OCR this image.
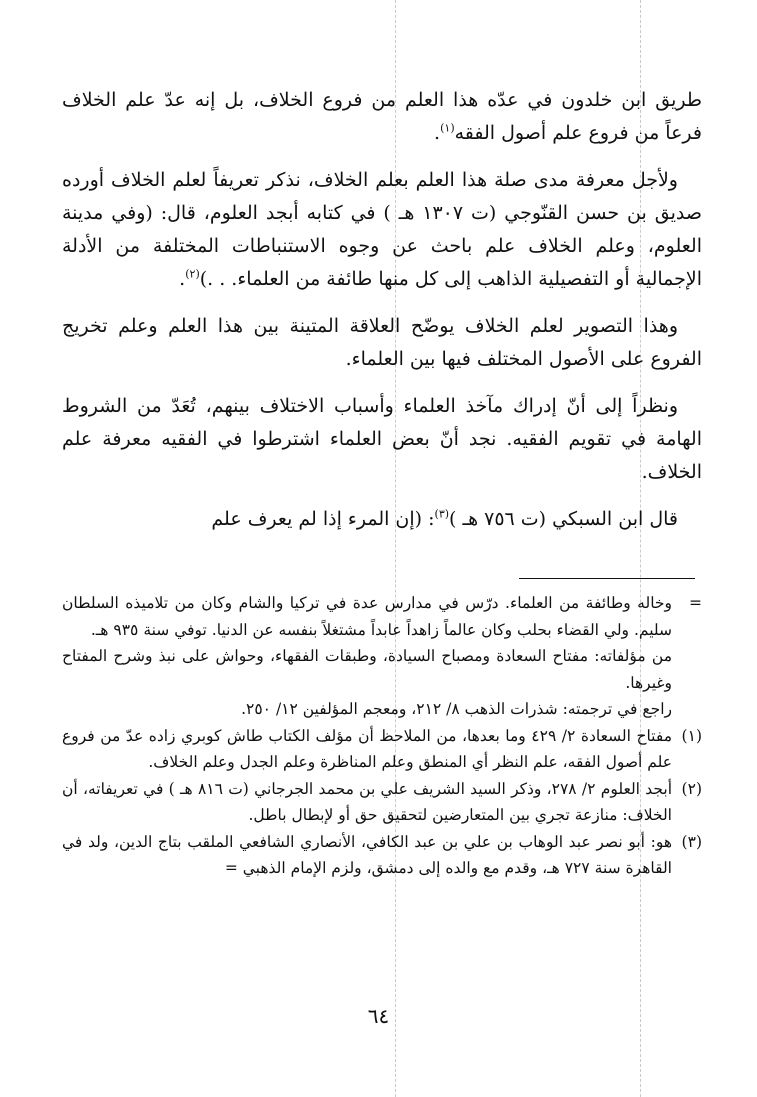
طريق ابن خلدون في عدّه هذا العلم من فروع الخلاف، بل إنه عدّ علم الخلاف فرعاً من فروع علم أصول الفقه$^{(١)}$.

ولأجل معرفة مدى صلة هذا العلم بعلم الخلاف، نذكر تعريفاً لعلم الخلاف أورده صديق بن حسن القنّوجي (ت ١٣٠٧ هـ ) في كتابه أبجد العلوم، قال: (وفي مدينة العلوم، وعلم الخلاف علم باحث عن وجوه الاستنباطات المختلفة من الأدلة الإجمالية أو التفصيلية الذاهب إلى كل منها طائفة من العلماء. . .)$^{(٢)}$.

وهذا التصوير لعلم الخلاف يوضّح العلاقة المتينة بين هذا العلم وعلم تخريج الفروع على الأصول المختلف فيها بين العلماء.

ونظراً إلى أنّ إدراك مآخذ العلماء وأسباب الاختلاف بينهم، تُعَدّ من الشروط الهامة في تقويم الفقيه. نجد أنّ بعض العلماء اشترطوا في الفقيه معرفة علم الخلاف.

قال ابن السبكي (ت ٧٥٦ هـ )$^{(٣)}$: (إن المرء إذا لم يعرف علم

=
وخاله وطائفة من العلماء. درّس في مدارس عدة في تركيا والشام وكان من تلاميذه السلطان سليم. ولي القضاء بحلب وكان عالماً زاهداً عابداً مشتغلاً بنفسه عن الدنيا. توفي سنة ٩٣٥ هـ.
من مؤلفاته: مفتاح السعادة ومصباح السيادة، وطبقات الفقهاء، وحواش على نبذ وشرح المفتاح وغيرها.
راجع في ترجمته: شذرات الذهب ٨/ ٢١٢، ومعجم المؤلفين ١٢/ ٢٥٠.
(١)
مفتاح السعادة ٢/ ٤٢٩ وما بعدها، من الملاحظ أن مؤلف الكتاب طاش كوبري زاده عدّ من فروع علم أصول الفقه، علم النظر أي المنطق وعلم المناظرة وعلم الجدل وعلم الخلاف.
(٢)
أبجد العلوم ٢/ ٢٧٨، وذكر السيد الشريف علي بن محمد الجرجاني (ت ٨١٦ هـ ) في تعريفاته، أن الخلاف: منازعة تجري بين المتعارضين لتحقيق حق أو لإبطال باطل.
(٣)
هو: أبو نصر عبد الوهاب بن علي بن عبد الكافي، الأنصاري الشافعي الملقب بتاج الدين، ولد في القاهرة سنة ٧٢٧ هـ، وقدم مع والده إلى دمشق، ولزم الإمام الذهبي =
٦٤
